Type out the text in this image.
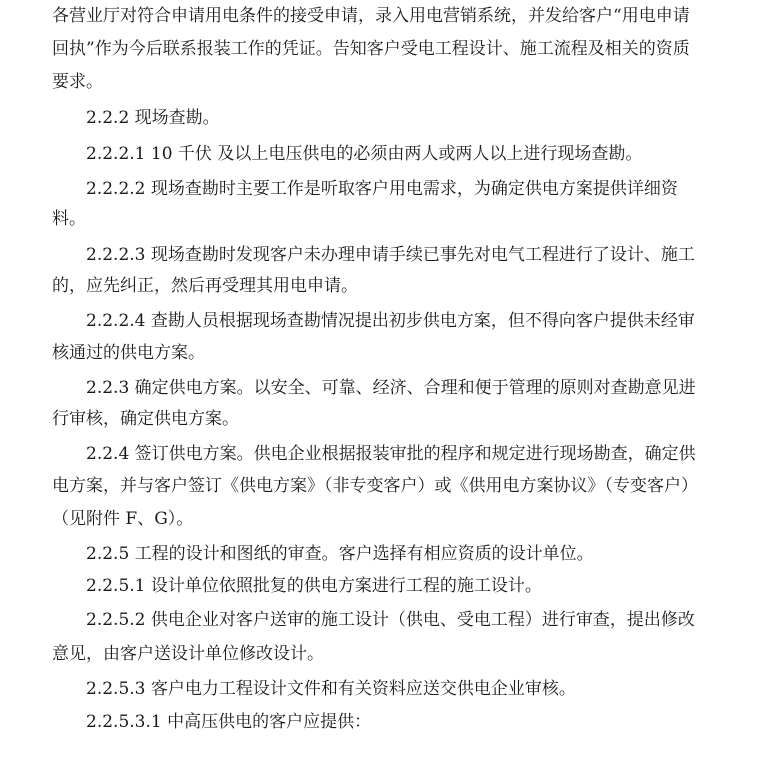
各营业厅对符合申请用电条件的接受申请，录入用电营销系统，并发给客户“用电申请
回执”作为今后联系报装工作的凭证。告知客户受电工程设计、施工流程及相关的资质
要求。
2.2.2 现场查勘。
2.2.2.1 10 千伏 及以上电压供电的必须由两人或两人以上进行现场查勘。
2.2.2.2 现场查勘时主要工作是听取客户用电需求，为确定供电方案提供详细资
料。
2.2.2.3 现场查勘时发现客户未办理申请手续已事先对电气工程进行了设计、施工
的，应先纠正，然后再受理其用电申请。
2.2.2.4 查勘人员根据现场查勘情况提出初步供电方案，但不得向客户提供未经审
核通过的供电方案。
2.2.3 确定供电方案。以安全、可靠、经济、合理和便于管理的原则对查勘意见进
行审核，确定供电方案。
2.2.4 签订供电方案。供电企业根据报装审批的程序和规定进行现场勘查，确定供
电方案，并与客户签订《供电方案》（非专变客户）或《供用电方案协议》（专变客户）
（见附件 F、G）。
2.2.5 工程的设计和图纸的审查。客户选择有相应资质的设计单位。
2.2.5.1 设计单位依照批复的供电方案进行工程的施工设计。
2.2.5.2 供电企业对客户送审的施工设计（供电、受电工程）进行审查，提出修改
意见，由客户送设计单位修改设计。
2.2.5.3 客户电力工程设计文件和有关资料应送交供电企业审核。
2.2.5.3.1 中高压供电的客户应提供：
